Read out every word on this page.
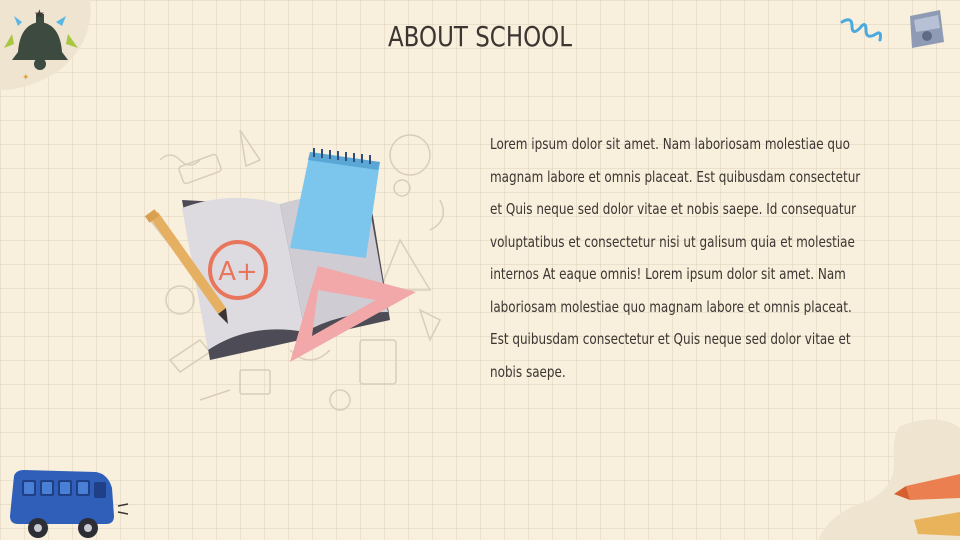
A+
ABOUT SCHOOL

Lorem ipsum dolor sit amet. Nam laboriosam molestiae quo magnam labore et omnis placeat. Est quibusdam consectetur et Quis neque sed dolor vitae et nobis saepe. Id consequatur voluptatibus et consectetur nisi ut galisum quia et molestiae internos At eaque omnis! Lorem ipsum dolor sit amet. Nam laboriosam molestiae quo magnam labore et omnis placeat. Est quibusdam consectetur et Quis neque sed dolor vitae et nobis saepe.

★
✦
